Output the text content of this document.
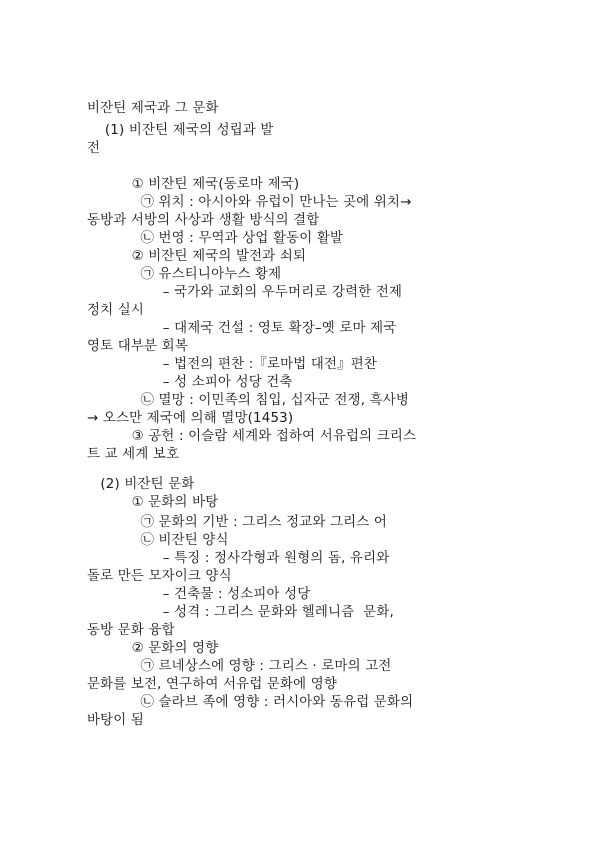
비잔틴 제국과 그 문화
(1) 비잔틴 제국의 성립과 발
전
① 비잔틴 제국(동로마 제국)
㉠ 위치 : 아시아와 유럽이 만나는 곳에 위치→
동방과 서방의 사상과 생활 방식의 결합
㉡ 번영 : 무역과 상업 활동이 활발
② 비잔틴 제국의 발전과 쇠퇴
㉠ 유스티니아누스 황제
– 국가와 교회의 우두머리로 강력한 전제
정치 실시
– 대제국 건설 : 영토 확장–옛 로마 제국
영토 대부분 회복
– 법전의 편찬 :『로마법 대전』편찬
– 성 소피아 성당 건축
㉡ 멸망 : 이민족의 침입, 십자군 전쟁, 흑사병
→ 오스만 제국에 의해 멸망(1453)
③ 공헌 : 이슬람 세계와 접하여 서유럽의 크리스
트 교 세계 보호
(2) 비잔틴 문화
① 문화의 바탕
㉠ 문화의 기반 : 그리스 정교와 그리스 어
㉡ 비잔틴 양식
– 특징 : 정사각형과 원형의 돔, 유리와
돌로 만든 모자이크 양식
– 건축물 : 성소피아 성당
– 성격 : 그리스 문화와 헬레니즘  문화,
동방 문화 융합
② 문화의 영향
㉠ 르네상스에 영향 : 그리스 · 로마의 고전
문화를 보전, 연구하여 서유럽 문화에 영향
㉡ 슬라브 족에 영향 : 러시아와 동유럽 문화의
바탕이 됨
